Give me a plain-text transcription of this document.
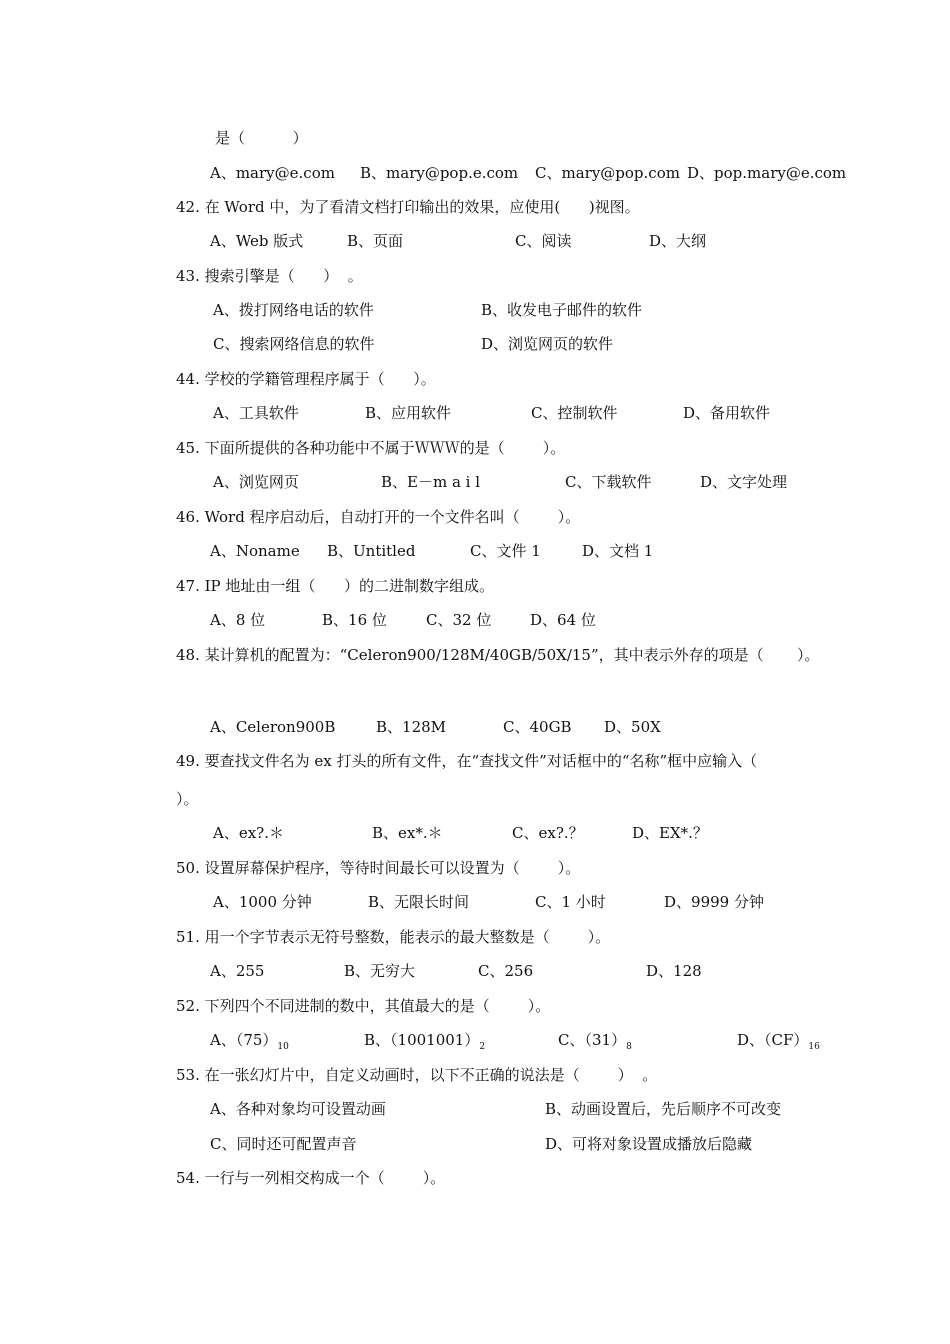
是（          ）
A、mary@e.com B、mary@pop.e.com C、mary@pop.com D、pop.mary@e.com
42. 在 Word 中，为了看清文档打印输出的效果，应使用(      )视图。
A、Web 版式	B、页面	C、阅读	D、大纲
43. 搜索引擎是（      ）  。
A、拨打网络电话的软件	B、收发电子邮件的软件
C、搜索网络信息的软件	D、浏览网页的软件
44. 学校的学籍管理程序属于（      ）。
A、工具软件	B、应用软件	C、控制软件	D、备用软件
45. 下面所提供的各种功能中不属于ＷＷＷ的是（        ）。
A、浏览网页	B、E－m a i l	C、下载软件	D、文字处理
46. Word 程序启动后，自动打开的一个文件名叫（        ）。
A、Noname B、Untitled	C、文件 1	D、文档 1
47. IP 地址由一组（      ）的二进制数字组成。
A、8 位	B、16 位	C、32 位	D、64 位
48. 某计算机的配置为：“Celeron900/128M/40GB/50X/15”，其中表示外存的项是（       ）。
A、Celeron900B	B、128M	C、40GB D、50X
49. 要查找文件名为 ex 打头的所有文件，在“查找文件”对话框中的“名称”框中应输入（
）。
A、ex?.＊	B、ex*.＊	C、ex?.？	D、EX*.？
50. 设置屏幕保护程序，等待时间最长可以设置为（        ）。
A、1000 分钟	B、无限长时间	C、1 小时	D、9999 分钟
51. 用一个字节表示无符号整数，能表示的最大整数是（        ）。
A、255	B、无穷大	C、256	D、128
52. 下列四个不同进制的数中，其值最大的是（        ）。
53. 在一张幻灯片中，自定义动画时，以下不正确的说法是（        ）  。
A、各种对象均可设置动画	B、动画设置后，先后顺序不可改变
C、同时还可配置声音	D、可将对象设置成播放后隐藏
54. 一行与一列相交构成一个（        ）。
A、$(75)_{10}$	B、$(1001001)_2$	C、$(31)_8$	D、$(CF)_{16}$
